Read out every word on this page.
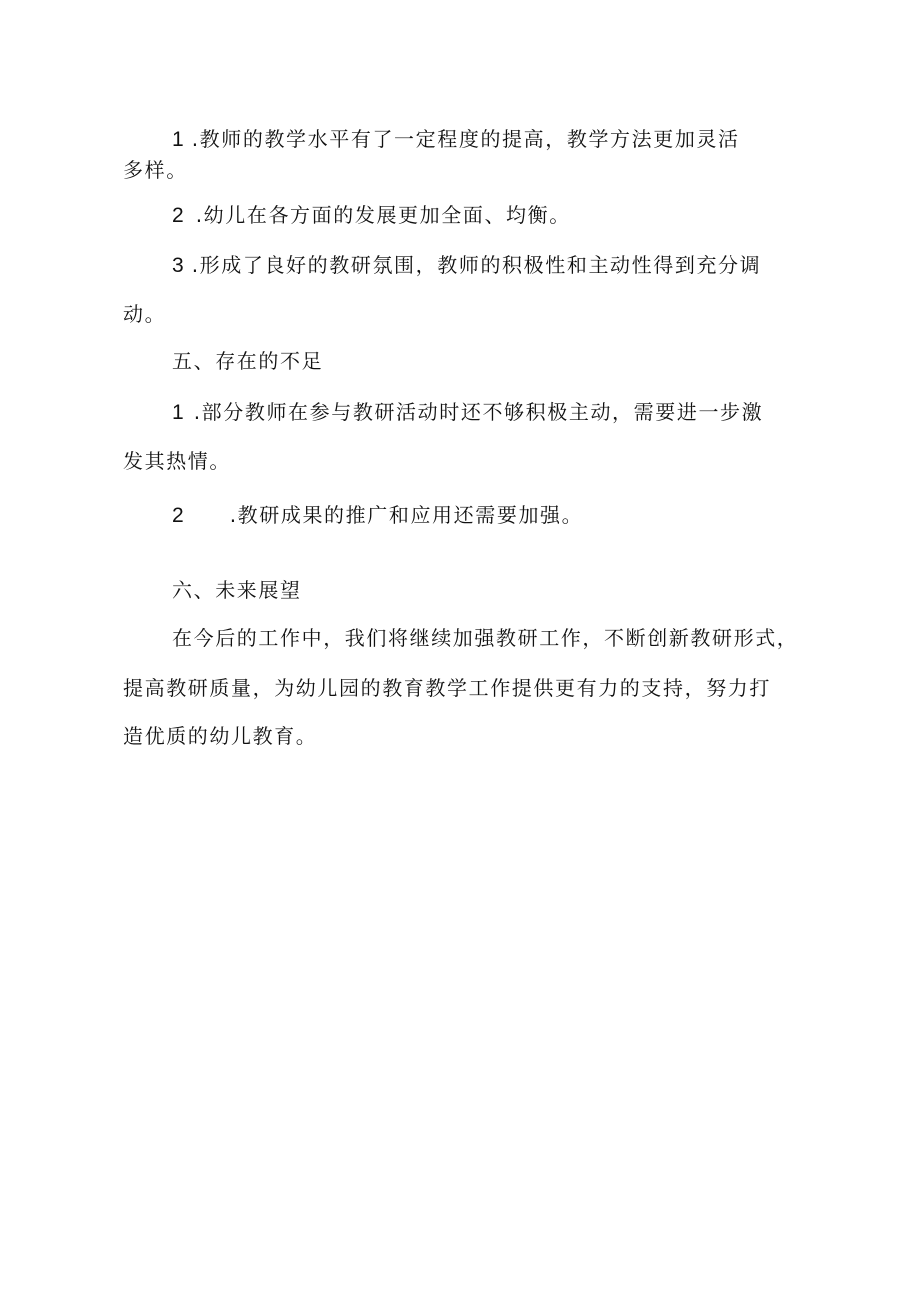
1 .教师的教学水平有了一定程度的提高，教学方法更加灵活
多样。
2 .幼儿在各方面的发展更加全面、均衡。
3 .形成了良好的教研氛围，教师的积极性和主动性得到充分调
动。
五、存在的不足
1 .部分教师在参与教研活动时还不够积极主动，需要进一步激
发其热情。
2 .教研成果的推广和应用还需要加强。
六、未来展望
在今后的工作中，我们将继续加强教研工作，不断创新教研形式，
提高教研质量，为幼儿园的教育教学工作提供更有力的支持，努力打
造优质的幼儿教育。
